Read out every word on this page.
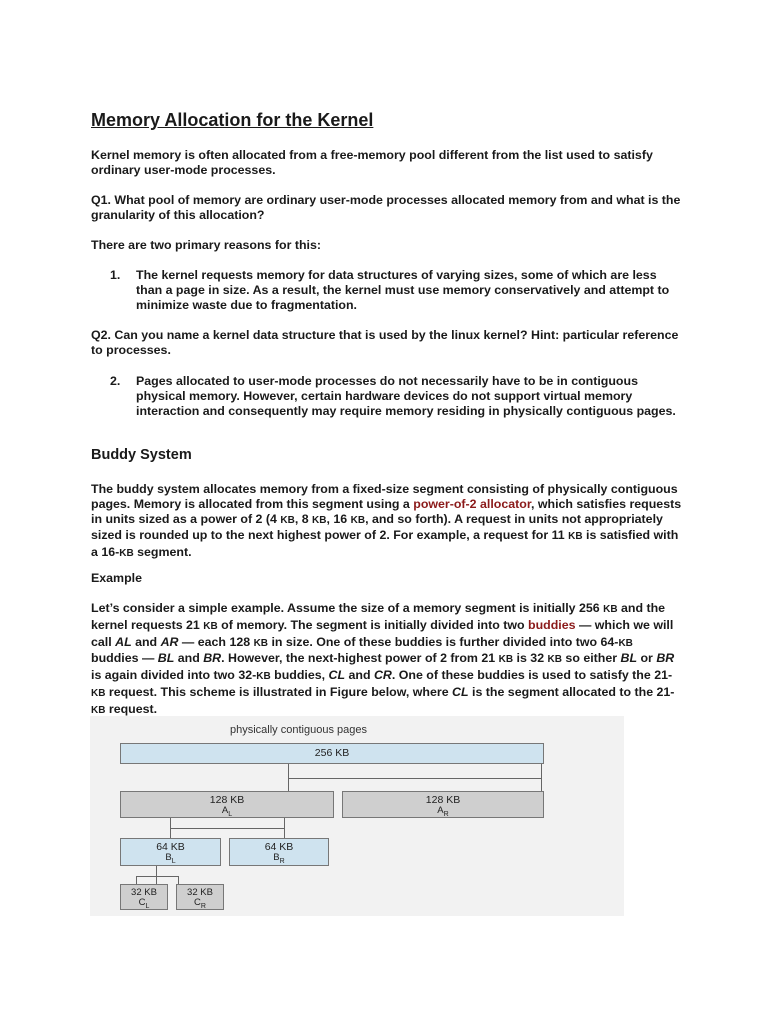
Memory Allocation for the Kernel

Kernel memory is often allocated from a free-memory pool different from the list used to satisfy ordinary user-mode processes.

Q1. What pool of memory are ordinary user-mode processes allocated memory from and what is the granularity of this allocation?

There are two primary reasons for this:

1.	The kernel requests memory for data structures of varying sizes, some of which are less than a page in size. As a result, the kernel must use memory conservatively and attempt to minimize waste due to fragmentation.

Q2. Can you name a kernel data structure that is used by the linux kernel? Hint: particular reference to processes.

2.	Pages allocated to user-mode processes do not necessarily have to be in contiguous physical memory. However, certain hardware devices do not support virtual memory interaction and consequently may require memory residing in physically contiguous pages.

Buddy System

The buddy system allocates memory from a fixed-size segment consisting of physically contiguous pages. Memory is allocated from this segment using a power-of-2 allocator, which satisfies requests in units sized as a power of 2 (4 KB, 8 KB, 16 KB, and so forth). A request in units not appropriately sized is rounded up to the next highest power of 2. For example, a request for 11 KB is satisfied with a 16-KB segment.

Example

Let’s consider a simple example. Assume the size of a memory segment is initially 256 KB and the kernel requests 21 KB of memory. The segment is initially divided into two buddies — which we will call AL and AR — each 128 KB in size. One of these buddies is further divided into two 64-KB buddies — BL and BR. However, the next-highest power of 2 from 21 KB is 32 KB so either BL or BR is again divided into two 32-KB buddies, CL and CR. One of these buddies is used to satisfy the 21-KB request. This scheme is illustrated in Figure below, where CL is the segment allocated to the 21-KB request.

physically contiguous pages
256 KB
128 KB
$A_L$
128 KB
$A_R$
64 KB
$B_L$
64 KB
$B_R$
32 KB
$C_L$
32 KB
$C_R$
